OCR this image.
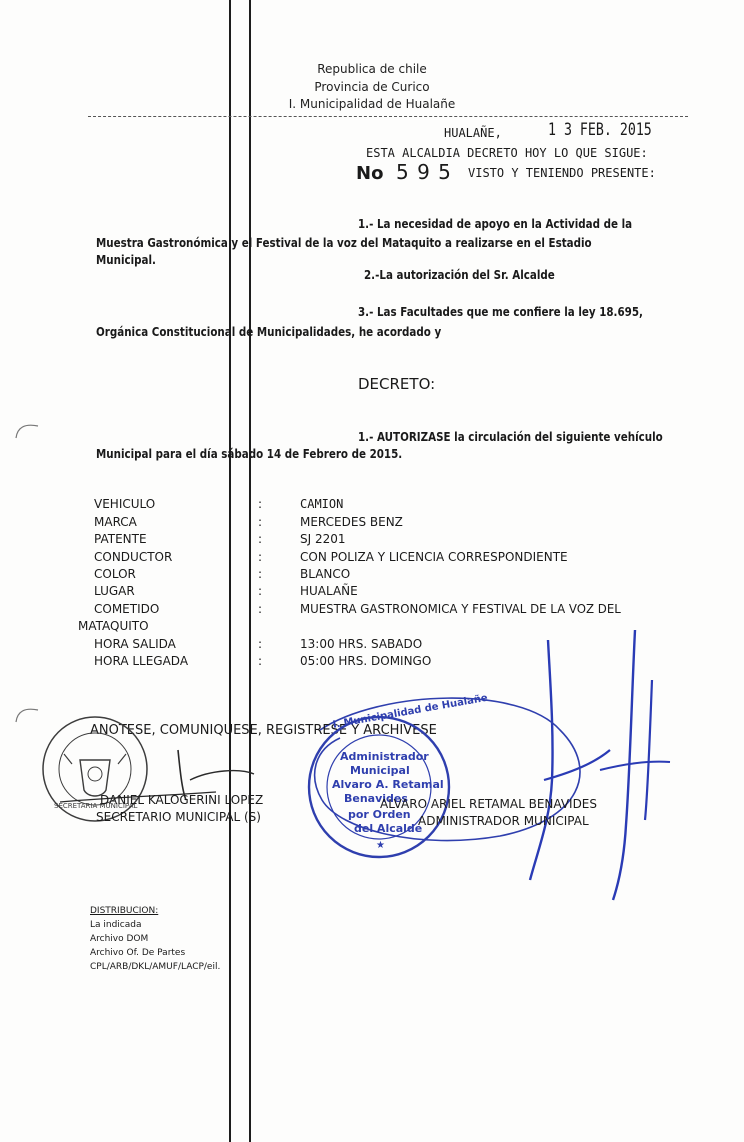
Republica de chile
Provincia de Curico
I. Municipalidad de Hualañe
HUALAÑE,	1 3 FEB. 2015
ESTA ALCALDIA DECRETO HOY LO QUE SIGUE:
No 5 9 5 VISTO Y TENIENDO PRESENTE:
1.- La necesidad de apoyo en la Actividad de la
Muestra Gastronómica y el Festival de la voz del Mataquito a realizarse en el Estadio
Municipal.
2.-La autorización del Sr. Alcalde
3.- Las Facultades que me confiere la ley 18.695,
Orgánica Constitucional de Municipalidades, he acordado y
DECRETO:
1.- AUTORIZASE la circulación del siguiente vehículo
Municipal para el día sábado 14 de Febrero de 2015.
VEHICULO	:	CAMION
MARCA	:	MERCEDES BENZ
PATENTE	:	SJ 2201
CONDUCTOR	:	CON POLIZA Y LICENCIA CORRESPONDIENTE
COLOR	:	BLANCO
LUGAR	:	HUALAÑE
COMETIDO	:	MUESTRA GASTRONOMICA Y FESTIVAL DE LA VOZ DEL
MATAQUITO
HORA SALIDA	:	13:00 HRS. SABADO
HORA LLEGADA	:	05:00 HRS. DOMINGO
ANOTESE, COMUNIQUESE, REGISTRESE Y ARCHIVESE
SECRETARIA MUNICIPAL
I. Municipalidad de Hualañe
Administrador
Municipal
Alvaro A. Retamal
Benavides
por Orden
del Alcalde
★
DANIEL KALOGERINI LOPEZ
SECRETARIO MUNICIPAL (S)
ALVARO ARIEL RETAMAL BENAVIDES
ADMINISTRADOR MUNICIPAL
DISTRIBUCION:
La indicada
Archivo DOM
Archivo Of. De Partes
CPL/ARB/DKL/AMUF/LACP/eil.
